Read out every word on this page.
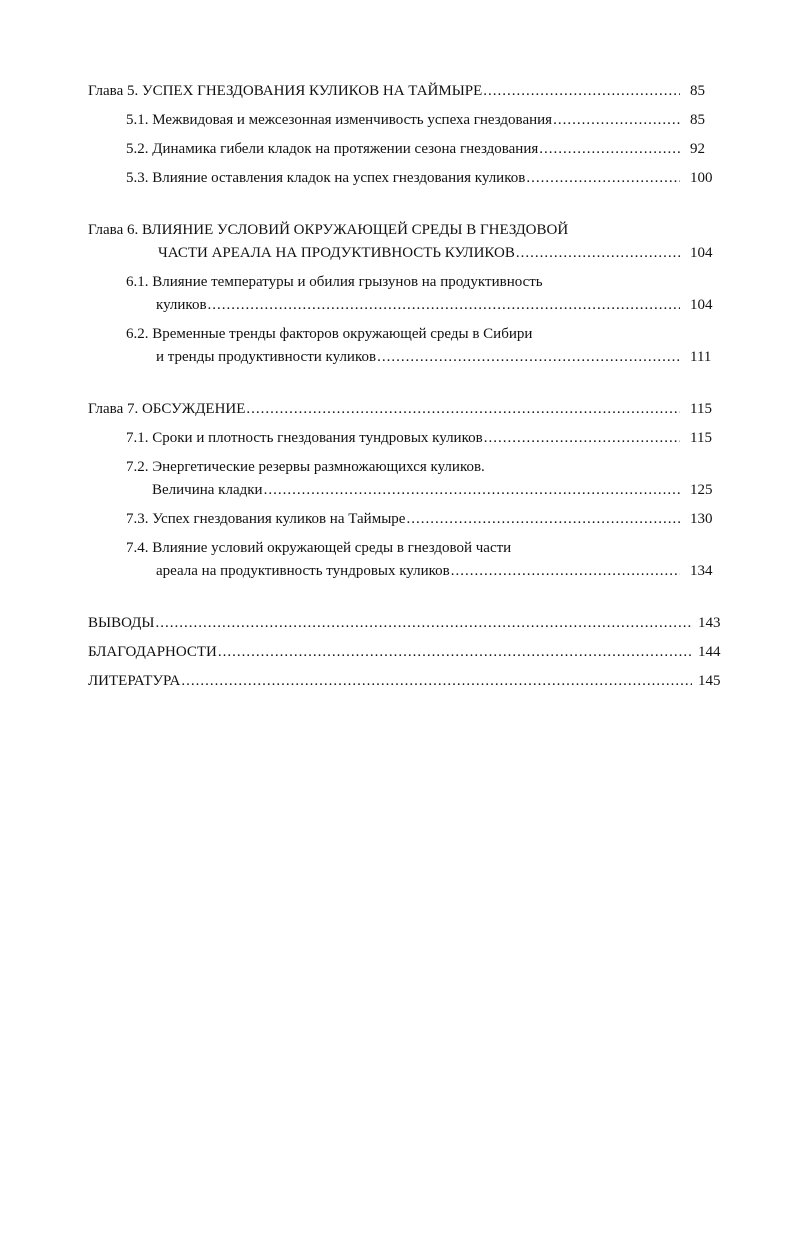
Глава 5. УСПЕХ ГНЕЗДОВАНИЯ КУЛИКОВ НА ТАЙМЫРЕ .....	85
5.1. Межвидовая и межсезонная изменчивость успеха гнездования .....	85
5.2. Динамика гибели кладок на протяжении сезона гнездования .....	92
5.3. Влияние оставления кладок на успех гнездования куликов .....	100
Глава 6. ВЛИЯНИЕ УСЛОВИЙ ОКРУЖАЮЩЕЙ СРЕДЫ В ГНЕЗДОВОЙ
ЧАСТИ АРЕАЛА НА ПРОДУКТИВНОСТЬ КУЛИКОВ .....	104
6.1. Влияние температуры и обилия грызунов на продуктивность
куликов .....	104
6.2. Временные тренды факторов окружающей среды в Сибири
и тренды продуктивности куликов .....	111
Глава 7. ОБСУЖДЕНИЕ .....	115
7.1. Сроки и плотность гнездования тундровых куликов .....	115
7.2. Энергетические резервы размножающихся куликов.
Величина кладки .....	125
7.3. Успех гнездования куликов на Таймыре .....	130
7.4. Влияние условий окружающей среды в гнездовой части
ареала на продуктивность тундровых куликов .....	134
ВЫВОДЫ .....	143
БЛАГОДАРНОСТИ .....	144
ЛИТЕРАТУРА .....	145
